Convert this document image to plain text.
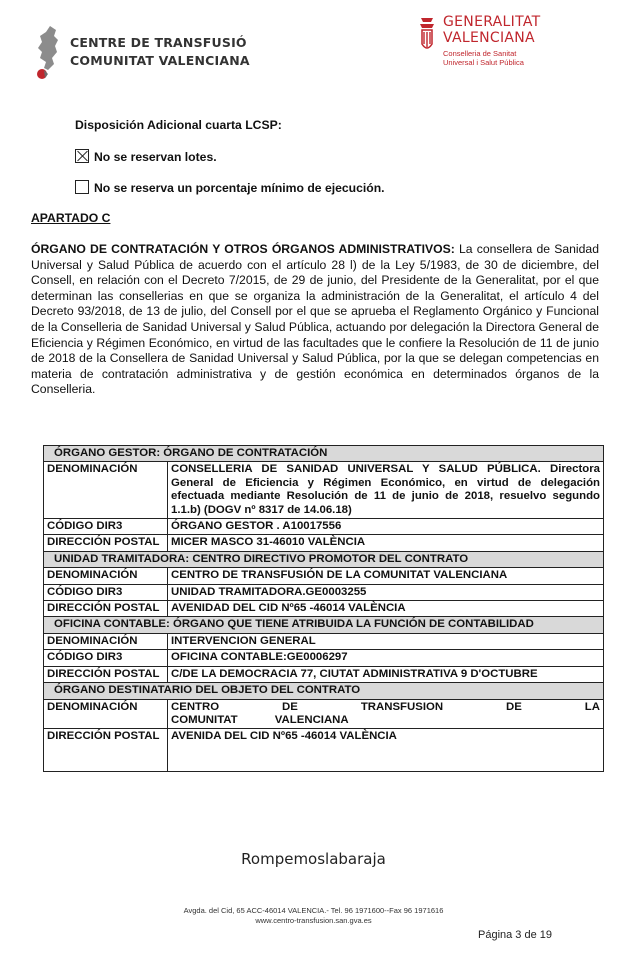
CENTRE DE TRANSFUSIÓ
COMUNITAT VALENCIANA
GENERALITAT
VALENCIANA
Conselleria de Sanitat
Universal i Salut Pública
Disposición Adicional cuarta LCSP:
No se reservan lotes.
No se reserva un porcentaje mínimo de ejecución.
APARTADO C
ÓRGANO DE CONTRATACIÓN Y OTROS ÓRGANOS ADMINISTRATIVOS: La consellera de Sanidad Universal y Salud Pública de acuerdo con el artículo 28 l) de la Ley 5/1983, de 30 de diciembre, del Consell, en relación con el Decreto 7/2015, de 29 de junio, del Presidente de la Generalitat, por el que determinan las consellerias en que se organiza la administración de la Generalitat, el artículo 4 del Decreto 93/2018, de 13 de julio, del Consell por el que se aprueba el Reglamento Orgánico y Funcional de la Conselleria de Sanidad Universal y Salud Pública, actuando por delegación la Directora General de Eficiencia y Régimen Económico, en virtud de las facultades que le confiere la Resolución de 11 de junio de 2018 de la Consellera de Sanidad Universal y Salud Pública, por la que se delegan competencias en materia de contratación administrativa y de gestión económica en determinados órganos de la Conselleria.
ÓRGANO GESTOR: ÓRGANO DE CONTRATACIÓN	
DENOMINACIÓN	CONSELLERIA DE SANIDAD UNIVERSAL Y SALUD PÚBLICA. Directora General de Eficiencia y Régimen Económico, en virtud de delegación efectuada mediante Resolución de 11 de junio de 2018, resuelvo segundo 1.1.b) (DOGV nº 8317 de 14.06.18)
CÓDIGO DIR3	ÓRGANO GESTOR . A10017556
DIRECCIÓN POSTAL	MICER MASCO 31-46010 VALÈNCIA
UNIDAD TRAMITADORA: CENTRO DIRECTIVO PROMOTOR DEL CONTRATO	
DENOMINACIÓN	CENTRO DE TRANSFUSIÓN DE LA COMUNITAT VALENCIANA
CÓDIGO DIR3	UNIDAD TRAMITADORA.GE0003255
DIRECCIÓN POSTAL	AVENIDAD DEL CID Nº65 -46014 VALÈNCIA
OFICINA CONTABLE: ÓRGANO QUE TIENE ATRIBUIDA LA FUNCIÓN DE CONTABILIDAD	
DENOMINACIÓN	INTERVENCION GENERAL
CÓDIGO DIR3	OFICINA CONTABLE:GE0006297
DIRECCIÓN POSTAL	C/DE LA DEMOCRACIA 77, CIUTAT ADMINISTRATIVA 9 D'OCTUBRE
ÓRGANO DESTINATARIO DEL OBJETO DEL CONTRATO	
DENOMINACIÓN	CENTRO DE TRANSFUSION DE LA COMUNITAT VALENCIANA
DIRECCIÓN POSTAL	AVENIDA DEL CID Nº65 -46014 VALÈNCIA
Rompemoslabaraja
Avgda. del Cid, 65 ACC-46014 VALENCIA.- Tel. 96 1971600--Fax 96 1971616
www.centro-transfusion.san.gva.es
Página 3 de 19
